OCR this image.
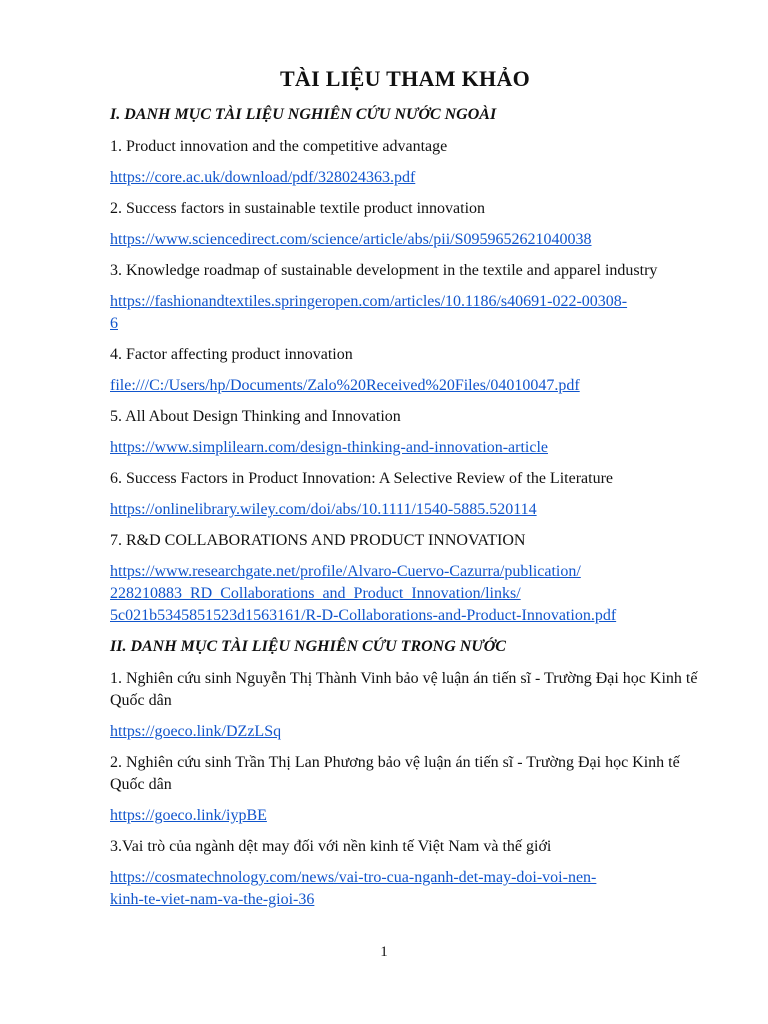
TÀI LIỆU THAM KHẢO
I. DANH MỤC TÀI LIỆU NGHIÊN CỨU NƯỚC NGOÀI
1. Product innovation and the competitive advantage
https://core.ac.uk/download/pdf/328024363.pdf
2. Success factors in sustainable textile product innovation
https://www.sciencedirect.com/science/article/abs/pii/S0959652621040038
3. Knowledge roadmap of sustainable development in the textile and apparel industry
https://fashionandtextiles.springeropen.com/articles/10.1186/s40691-022-00308-
6
4. Factor affecting product innovation
file:///C:/Users/hp/Documents/Zalo%20Received%20Files/04010047.pdf
5. All About Design Thinking and Innovation
https://www.simplilearn.com/design-thinking-and-innovation-article
6. Success Factors in Product Innovation: A Selective Review of the Literature
https://onlinelibrary.wiley.com/doi/abs/10.1111/1540-5885.520114
7. R&D COLLABORATIONS AND PRODUCT INNOVATION
https://www.researchgate.net/profile/Alvaro-Cuervo-Cazurra/publication/
228210883_RD_Collaborations_and_Product_Innovation/links/
5c021b5345851523d1563161/R-D-Collaborations-and-Product-Innovation.pdf
II. DANH MỤC TÀI LIỆU NGHIÊN CỨU TRONG NƯỚC
1. Nghiên cứu sinh Nguyễn Thị Thành Vinh bảo vệ luận án tiến sĩ - Trường Đại học Kinh tế Quốc dân
https://goeco.link/DZzLSq
2. Nghiên cứu sinh Trần Thị Lan Phương bảo vệ luận án tiến sĩ - Trường Đại học Kinh tế Quốc dân
https://goeco.link/iypBE
3.Vai trò của ngành dệt may đối với nền kinh tế Việt Nam và thế giới
https://cosmatechnology.com/news/vai-tro-cua-nganh-det-may-doi-voi-nen-
kinh-te-viet-nam-va-the-gioi-36
1
